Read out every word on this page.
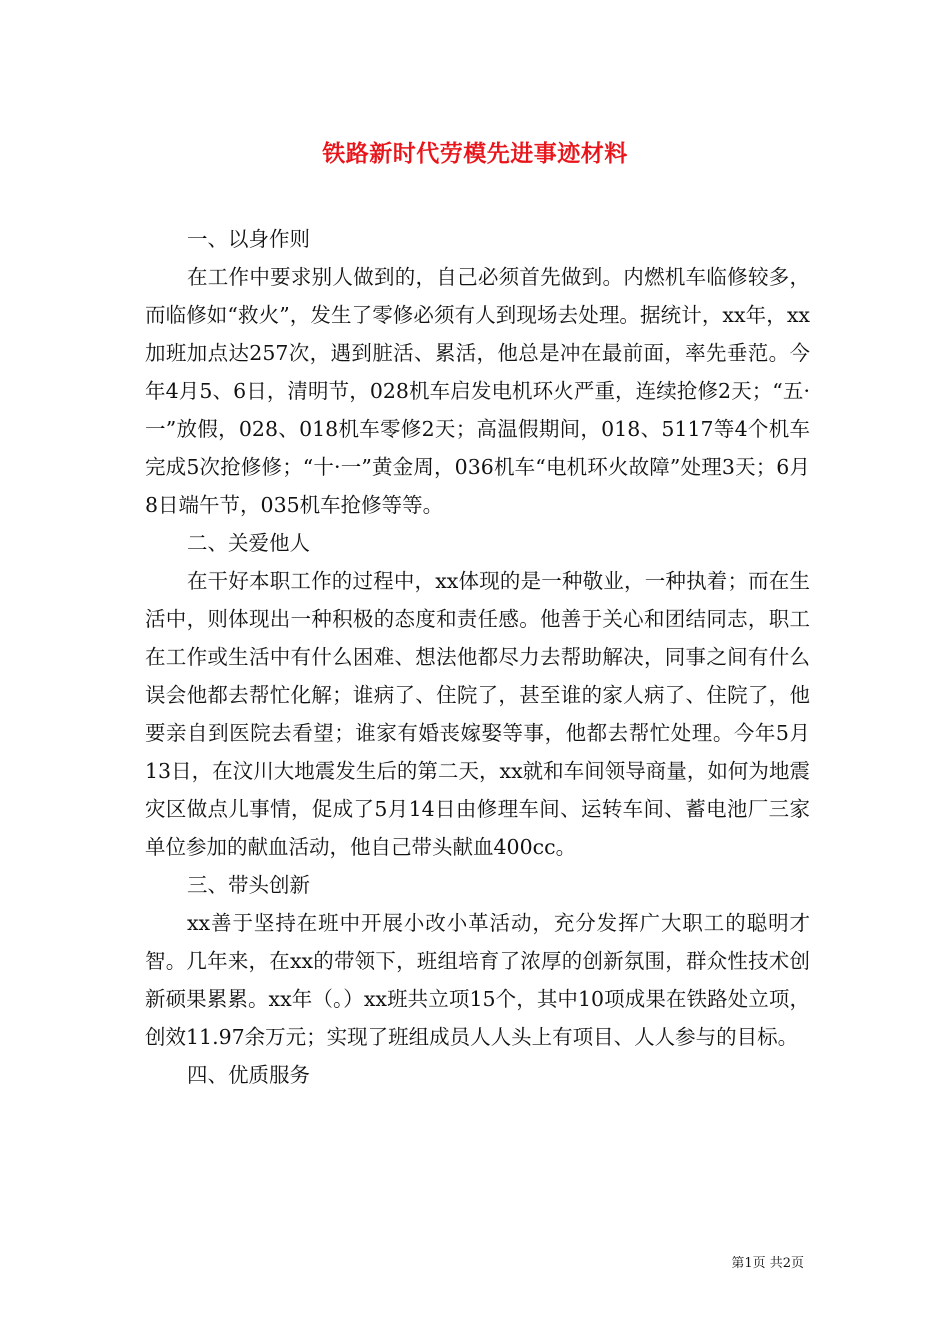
铁路新时代劳模先进事迹材料

一、以身作则

在工作中要求别人做到的，自己必须首先做到。内燃机车临修较多，而临修如“救火”，发生了零修必须有人到现场去处理。据统计，xx年，xx加班加点达257次，遇到脏活、累活，他总是冲在最前面，率先垂范。今年4月5、6日，清明节，028机车启发电机环火严重，连续抢修2天；“五·一”放假，028、018机车零修2天；高温假期间，018、5117等4个机车完成5次抢修修；“十·一”黄金周，036机车“电机环火故障”处理3天；6月8日端午节，035机车抢修等等。

二、关爱他人

在干好本职工作的过程中，xx体现的是一种敬业，一种执着；而在生活中，则体现出一种积极的态度和责任感。他善于关心和团结同志，职工在工作或生活中有什么困难、想法他都尽力去帮助解决，同事之间有什么误会他都去帮忙化解；谁病了、住院了，甚至谁的家人病了、住院了，他要亲自到医院去看望；谁家有婚丧嫁娶等事，他都去帮忙处理。今年5月13日，在汶川大地震发生后的第二天，xx就和车间领导商量，如何为地震灾区做点儿事情，促成了5月14日由修理车间、运转车间、蓄电池厂三家单位参加的献血活动，他自己带头献血400cc。

三、带头创新

xx善于坚持在班中开展小改小革活动，充分发挥广大职工的聪明才智。几年来，在xx的带领下，班组培育了浓厚的创新氛围，群众性技术创新硕果累累。xx年（。）xx班共立项15个，其中10项成果在铁路处立项，创效11.97余万元；实现了班组成员人人头上有项目、人人参与的目标。

四、优质服务

第1页 共2页
